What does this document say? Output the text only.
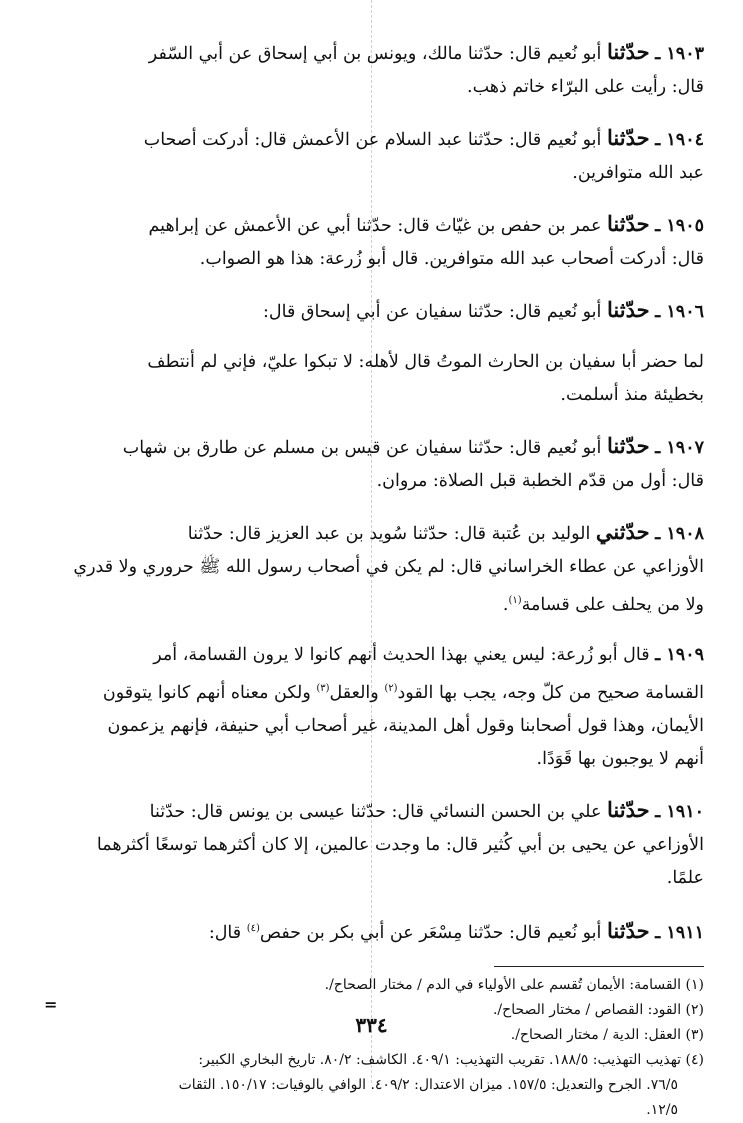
١٩٠٣ ـ حدّثنا أبو نُعيم قال: حدّثنا مالك، ويونس بن أبي إسحاق عن أبي السّفر
قال: رأيت على البرّاء خاتم ذهب.

١٩٠٤ ـ حدّثنا أبو نُعيم قال: حدّثنا عبد السلام عن الأعمش قال: أدركت أصحاب
عبد الله متوافرين.

١٩٠٥ ـ حدّثنا عمر بن حفص بن غيّاث قال: حدّثنا أبي عن الأعمش عن إبراهيم
قال: أدركت أصحاب عبد الله متوافرين. قال أبو زُرعة: هذا هو الصواب.

١٩٠٦ ـ حدّثنا أبو نُعيم قال: حدّثنا سفيان عن أبي إسحاق قال:

لما حضر أبا سفيان بن الحارث الموتُ قال لأهله: لا تبكوا عليّ، فإني لم أنتطف
بخطيئة منذ أسلمت.

١٩٠٧ ـ حدّثنا أبو نُعيم قال: حدّثنا سفيان عن قيس بن مسلم عن طارق بن شهاب
قال: أول من قدّم الخطبة قبل الصلاة: مروان.

١٩٠٨ ـ حدّثني الوليد بن عُتبة قال: حدّثنا سُويد بن عبد العزيز قال: حدّثنا
الأوزاعي عن عطاء الخراساني قال: لم يكن في أصحاب رسول الله ﷺ حروري ولا قدري
ولا من يحلف على قسامة$^{(١)}$.

١٩٠٩ ـ قال أبو زُرعة: ليس يعني بهذا الحديث أنهم كانوا لا يرون القسامة، أمر
القسامة صحيح من كلّ وجه، يجب بها القود$^{(٢)}$ والعقل$^{(٣)}$ ولكن معناه أنهم كانوا يتوقون
الأيمان، وهذا قول أصحابنا وقول أهل المدينة، غير أصحاب أبي حنيفة، فإنهم يزعمون
أنهم لا يوجبون بها قَوَدًا.

١٩١٠ ـ حدّثنا علي بن الحسن النسائي قال: حدّثنا عيسى بن يونس قال: حدّثنا
الأوزاعي عن يحيى بن أبي كُثير قال: ما وجدت عالمين، إلا كان أكثرهما توسعًا أكثرهما
علمًا.

١٩١١ ـ حدّثنا أبو نُعيم قال: حدّثنا مِسْعَر عن أبي بكر بن حفص$^{(٤)}$ قال:

(١) القسامة: الأيمان تُقسم على الأولياء في الدم / مختار الصحاح/.

(٢) القود: القصاص / مختار الصحاح/.

(٣) العقل: الدية / مختار الصحاح/.

(٤) تهذيب التهذيب: ١٨٨/٥. تقريب التهذيب: ٤٠٩/١. الكاشف: ٨٠/٢. تاريخ البخاري الكبير:

٧٦/٥. الجرح والتعديل: ١٥٧/٥. ميزان الاعتدال: ٤٠٩/٢. الوافي بالوفيات: ١٥٠/١٧. الثقات

١٢/٥.

=
٣٣٤
